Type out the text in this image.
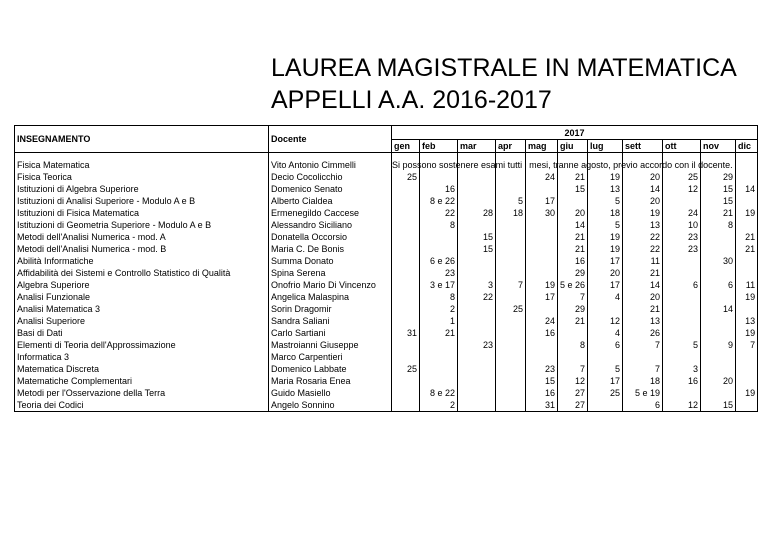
LAUREA MAGISTRALE IN MATEMATICA
APPELLI A.A. 2016-2017
INSEGNAMENTO	Docente	2017										
		gen	feb	mar	apr	mag	giu	lug	sett	ott	nov	dic

Fisica Matematica	Vito Antonio Cimmelli											
Fisica Teorica	Decio Cocolicchio	25				24	21	19	20	25	29	
Istituzioni di Algebra Superiore	Domenico Senato		16				15	13	14	12	15	14
Istituzioni di Analisi Superiore - Modulo A e B	Alberto Cialdea		8 e 22		5	17		5	20		15	
Istituzioni di Fisica Matematica	Ermenegildo Caccese		22	28	18	30	20	18	19	24	21	19
Istituzioni di Geometria Superiore - Modulo A e B	Alessandro Siciliano		8				14	5	13	10	8	
Metodi dell'Analisi Numerica - mod. A	Donatella Occorsio			15			21	19	22	23		21
Metodi dell'Analisi Numerica - mod. B	Maria C. De Bonis			15			21	19	22	23		21
Abilità Informatiche	Summa Donato		6 e 26				16	17	11		30	
Affidabilità dei Sistemi e Controllo Statistico di Qualità	Spina Serena		23				29	20	21			
Algebra Superiore	Onofrio Mario Di Vincenzo		3 e 17	3	7	19	5 e 26	17	14	6	6	11
Analisi Funzionale	Angelica Malaspina		8	22		17	7	4	20			19
Analisi Matematica 3	Sorin Dragomir		2		25		29		21		14	
Analisi Superiore	Sandra Saliani		1			24	21	12	13			13
Basi di Dati	Carlo Sartiani	31	21			16		4	26			19
Elementi di Teoria dell'Approssimazione	Mastroianni Giuseppe			23			8	6	7	5	9	7
Informatica 3	Marco Carpentieri											
Matematica Discreta	Domenico Labbate	25				23	7	5	7	3		
Matematiche Complementari	Maria Rosaria Enea					15	12	17	18	16	20	
Metodi per l'Osservazione della Terra	Guido Masiello		8 e 22			16	27	25	5 e 19			19
Teoria dei Codici	Angelo Sonnino		2			31	27		6	12	15	
Si possono sostenere esami tutti i mesi, tranne agosto, previo accordo con il docente.
